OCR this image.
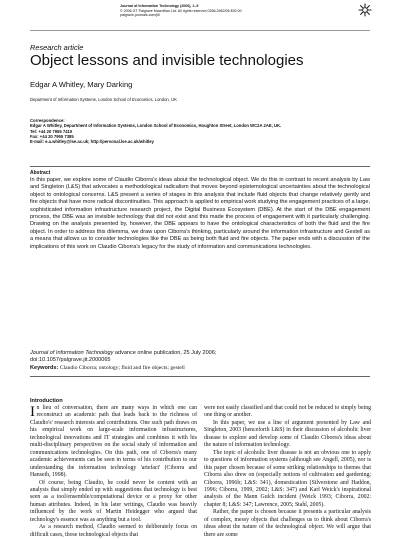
Journal of Information Technology (2006), 1–9
© 2006 JIT Palgrave Macmillan Ltd. All rights reserved 0268-3962/06 $30.00
palgrave-journals.com/jit/
Research article
Object lessons and invisible technologies
Edgar A Whitley, Mary Darking
Department of Information Systems, London School of Economics, London, UK
Correspondence:
Edgar A Whitley, Department of Information Systems, London School of Economics, Houghton Street, London WC2A 2AE, UK.
Tel: +44 20 7955 7410
Fax: +44 20 7955 7385
E-mail: e.a.whitley@lse.ac.uk; http://personal.lse.ac.uk/whitley
Abstract
In this paper, we explore some of Claudio Ciborra's ideas about the technological object. We do this in contrast to recent analysis by Law and Singleton (L&S) that advocates a methodological radicalism that moves beyond epistemological uncertainties about the technological object to ontological concerns. L&S present a series of stages in this analysis that include fluid objects that change relatively gently and fire objects that have more radical discontinuities. This approach is applied to empirical work studying the engagement practices of a large, sophisticated information infrastructure research project, the Digital Business Ecosystem (DBE). At the start of the DBE engagement process, the DBE was an invisible technology that did not exist and this made the process of engagement with it particularly challenging. Drawing on the analysis presented by, however, the DBE appears to have the ontological characteristics of both the fluid and the fire object. In order to address this dilemma, we draw upon Ciborra's thinking, particularly around the information infrastructure and Gestell as a means that allows us to consider technologies like the DBE as being both fluid and fire objects. The paper ends with a discussion of the implications of this work on Claudio Ciborra's legacy for the study of information and communications technologies.
Journal of Information Technology advance online publication, 25 July 2006;
doi:10.1057/palgrave.jit.2000065
Keywords: Claudio Ciborra; ontology; fluid and fire objects; gestell
Introduction

In lieu of conversation, there are many ways in which one can reconstruct an academic path that leads back to the richness of Claudio's' research interests and contributions. One such path draws on his empirical work on large-scale information infrastructures, technological innovations and IT strategies and combines it with his multi-disciplinary perspectives on the social study of information and communications technologies. On this path, one of Ciborra's many academic achievements can be seen in terms of his contribution to our understanding the information technology 'artefact' (Ciborra and Hanseth, 1998).

Of course, being Claudio, he could never be content with an analysis that simply ended up with suggestions that technology is best seen as a tool/ensemble/computational device or a proxy for other human attributes. Indeed, in his later writings, Claudio was heavily influenced by the work of Martin Heidegger who argued that technology's essence was as anything but a tool.

As a research method, Claudio seemed to deliberately focus on difficult cases, those technological objects that

were not easily classified and that could not be reduced to simply being one thing or another.

In this paper, we use a line of argument presented by Law and Singleton, 2003 (henceforth L&S) in their discussion of alcoholic liver disease to explore and develop some of Claudio Ciborra's ideas about the nature of information technology.

The topic of alcoholic liver disease is not an obvious one to apply to questions of information systems (although see Angell, 2005), nor is this paper chosen because of some striking relationships to themes that Ciborra also drew on (especially notions of cultivation and gardening; Ciborra, 1996b; L&S: 341), domestication (Silverstone and Haddon, 1996; Ciborra, 1999, 2002; L&S: 347) and Karl Weick's inspirational analysis of the Mann Gulch incident (Weick 1993; Ciborra, 2002: chapter 8; L&S: 347; Lawrence, 2005; Stahl, 2005).

Rather, the paper is chosen because it presents a particular analysis of complex, messy objects that challenges us to think about Ciborra's ideas about the nature of the technological object. We will argue that there are some
